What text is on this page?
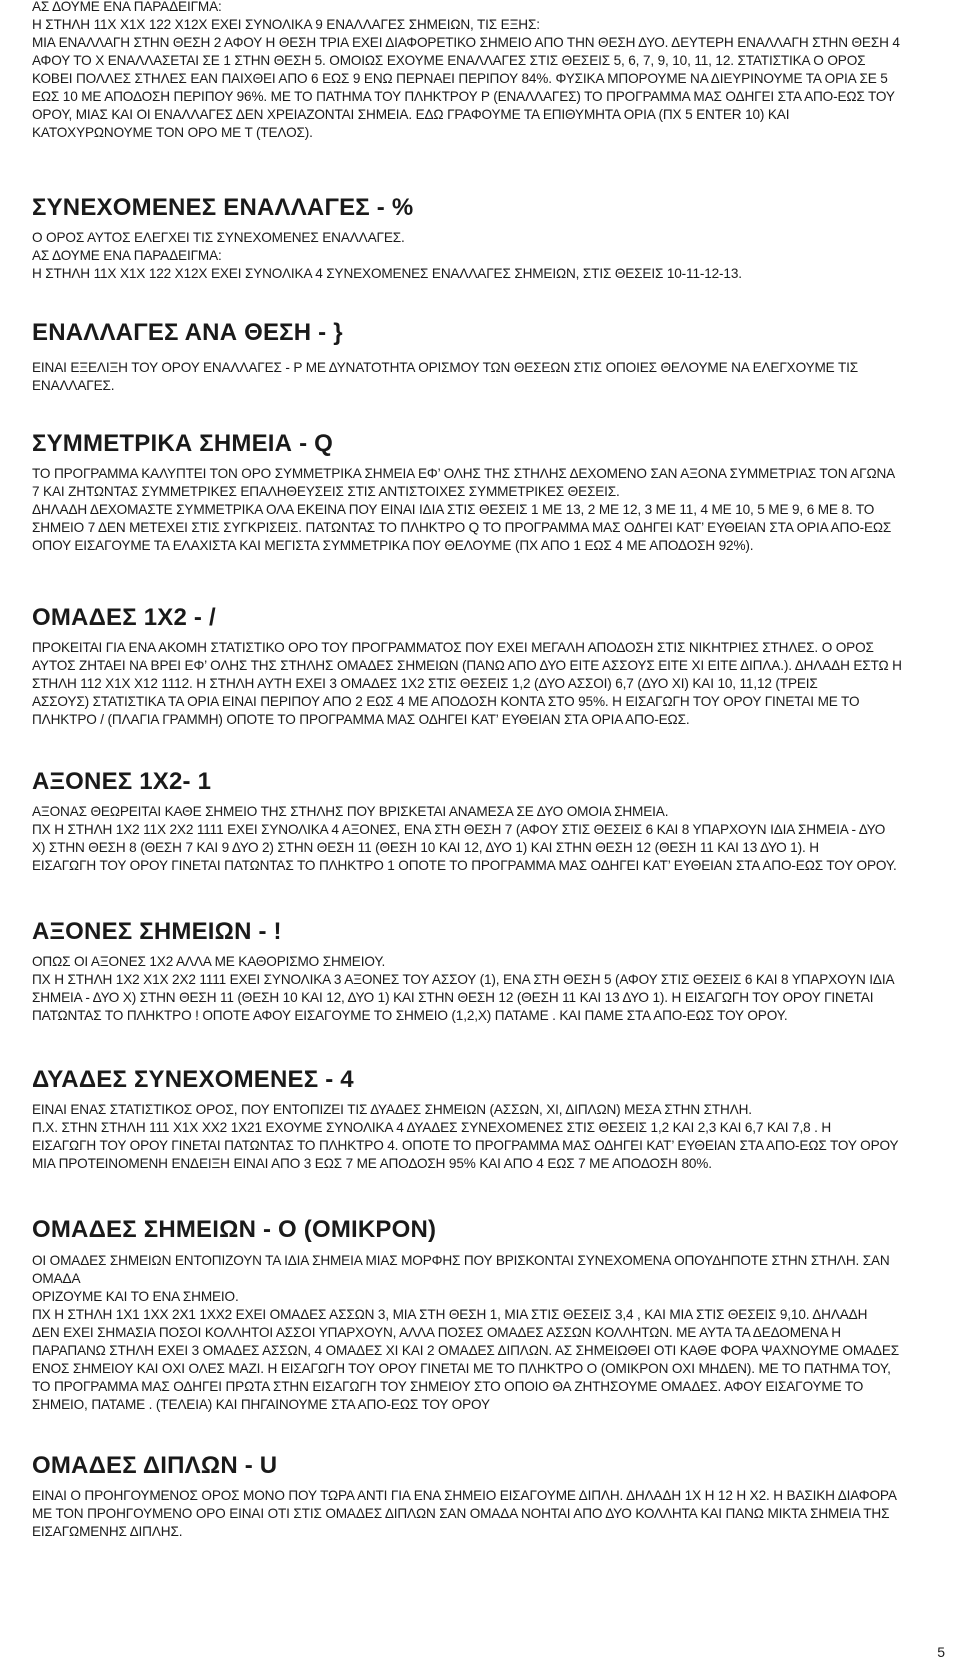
ΑΣ ΔΟΥΜΕ ΕΝΑ ΠΑΡΑΔΕΙΓΜΑ:
Η ΣΤΗΛΗ 11Χ Χ1Χ 122 Χ12Χ ΕΧΕΙ ΣΥΝΟΛΙΚΑ 9 ΕΝΑΛΛΑΓΕΣ ΣΗΜΕΙΩΝ, ΤΙΣ ΕΞΗΣ:
ΜΙΑ ΕΝΑΛΛΑΓΗ ΣΤΗΝ ΘΕΣΗ 2 ΑΦΟΥ Η ΘΕΣΗ ΤΡΙΑ ΕΧΕΙ ΔΙΑΦΟΡΕΤΙΚΟ ΣΗΜΕΙΟ ΑΠΟ ΤΗΝ ΘΕΣΗ ΔΥΟ. ΔΕΥΤΕΡΗ ΕΝΑΛΛΑΓΗ ΣΤΗΝ ΘΕΣΗ 4
ΑΦΟΥ ΤΟ Χ ΕΝΑΛΛΑΣΕΤΑΙ ΣΕ 1 ΣΤΗΝ ΘΕΣΗ 5. ΟΜΟΙΩΣ ΕΧΟΥΜΕ ΕΝΑΛΛΑΓΕΣ ΣΤΙΣ ΘΕΣΕΙΣ 5, 6, 7, 9, 10, 11, 12. ΣΤΑΤΙΣΤΙΚΑ Ο ΟΡΟΣ
ΚΟΒΕΙ ΠΟΛΛΕΣ ΣΤΗΛΕΣ ΕΑΝ ΠΑΙΧΘΕΙ ΑΠΟ 6 ΕΩΣ 9 ΕΝΩ ΠΕΡΝΑΕΙ ΠΕΡΙΠΟΥ 84%. ΦΥΣΙΚΑ ΜΠΟΡΟΥΜΕ ΝΑ ΔΙΕΥΡΙΝΟΥΜΕ ΤΑ ΟΡΙΑ ΣΕ 5
ΕΩΣ 10 ΜΕ ΑΠΟΔΟΣΗ ΠΕΡΙΠΟΥ 96%. ΜΕ ΤΟ ΠΑΤΗΜΑ ΤΟΥ ΠΛΗΚΤΡΟΥ Ρ (ΕΝΑΛΛΑΓΕΣ) ΤΟ ΠΡΟΓΡΑΜΜΑ ΜΑΣ ΟΔΗΓΕΙ ΣΤΑ ΑΠΟ-ΕΩΣ ΤΟΥ
ΟΡΟΥ, ΜΙΑΣ ΚΑΙ ΟΙ ΕΝΑΛΛΑΓΕΣ ΔΕΝ ΧΡΕΙΑΖΟΝΤΑΙ ΣΗΜΕΙΑ. ΕΔΩ ΓΡΑΦΟΥΜΕ ΤΑ ΕΠΙΘΥΜΗΤΑ ΟΡΙΑ (ΠΧ 5 ENTER 10) ΚΑΙ
ΚΑΤΟΧΥΡΩΝΟΥΜΕ ΤΟΝ ΟΡΟ ΜΕ Τ (ΤΕΛΟΣ).

ΣΥΝΕΧΟΜΕΝΕΣ ΕΝΑΛΛΑΓΕΣ - %

Ο ΟΡΟΣ ΑΥΤΟΣ ΕΛΕΓΧΕΙ ΤΙΣ ΣΥΝΕΧΟΜΕΝΕΣ ΕΝΑΛΛΑΓΕΣ.
ΑΣ ΔΟΥΜΕ ΕΝΑ ΠΑΡΑΔΕΙΓΜΑ:
Η ΣΤΗΛΗ 11Χ Χ1Χ 122 Χ12Χ ΕΧΕΙ ΣΥΝΟΛΙΚΑ 4 ΣΥΝΕΧΟΜΕΝΕΣ ΕΝΑΛΛΑΓΕΣ ΣΗΜΕΙΩΝ, ΣΤΙΣ ΘΕΣΕΙΣ 10-11-12-13.

ΕΝΑΛΛΑΓΕΣ ΑΝΑ ΘΕΣΗ - }

ΕΙΝΑΙ ΕΞΕΛΙΞΗ ΤΟΥ ΟΡΟΥ ΕΝΑΛΛΑΓΕΣ - Ρ ΜΕ ΔΥΝΑΤΟΤΗΤΑ ΟΡΙΣΜΟΥ ΤΩΝ ΘΕΣΕΩΝ ΣΤΙΣ ΟΠΟΙΕΣ ΘΕΛΟΥΜΕ ΝΑ ΕΛΕΓΧΟΥΜΕ ΤΙΣ
ΕΝΑΛΛΑΓΕΣ.

ΣΥΜΜΕΤΡΙΚΑ ΣΗΜΕΙΑ - Q

ΤΟ ΠΡΟΓΡΑΜΜΑ ΚΑΛΥΠΤΕΙ ΤΟΝ ΟΡΟ ΣΥΜΜΕΤΡΙΚΑ ΣΗΜΕΙΑ ΕΦ’ ΟΛΗΣ ΤΗΣ ΣΤΗΛΗΣ ΔΕΧΟΜΕΝΟ ΣΑΝ ΑΞΟΝΑ ΣΥΜΜΕΤΡΙΑΣ ΤΟΝ ΑΓΩΝΑ
7 ΚΑΙ ΖΗΤΩΝΤΑΣ ΣΥΜΜΕΤΡΙΚΕΣ ΕΠΑΛΗΘΕΥΣΕΙΣ ΣΤΙΣ ΑΝΤΙΣΤΟΙΧΕΣ ΣΥΜΜΕΤΡΙΚΕΣ ΘΕΣΕΙΣ.
ΔΗΛΑΔΗ ΔΕΧΟΜΑΣΤΕ ΣΥΜΜΕΤΡΙΚΑ ΟΛΑ ΕΚΕΙΝΑ ΠΟΥ ΕΙΝΑΙ ΙΔΙΑ ΣΤΙΣ ΘΕΣΕΙΣ 1 ΜΕ 13, 2 ΜΕ 12, 3 ΜΕ 11, 4 ΜΕ 10, 5 ΜΕ 9, 6 ΜΕ 8. ΤΟ
ΣΗΜΕΙΟ 7 ΔΕΝ ΜΕΤΕΧΕΙ ΣΤΙΣ ΣΥΓΚΡΙΣΕΙΣ. ΠΑΤΩΝΤΑΣ ΤΟ ΠΛΗΚΤΡΟ Q ΤΟ ΠΡΟΓΡΑΜΜΑ ΜΑΣ ΟΔΗΓΕΙ ΚΑΤ’ ΕΥΘΕΙΑΝ ΣΤΑ ΟΡΙΑ ΑΠΟ-ΕΩΣ
ΟΠΟΥ ΕΙΣΑΓΟΥΜΕ ΤΑ ΕΛΑΧΙΣΤΑ ΚΑΙ ΜΕΓΙΣΤΑ ΣΥΜΜΕΤΡΙΚΑ ΠΟΥ ΘΕΛΟΥΜΕ (ΠΧ ΑΠΟ 1 ΕΩΣ 4 ΜΕ ΑΠΟΔΟΣΗ 92%).

ΟΜΑΔΕΣ 1Χ2 - /

ΠΡΟΚΕΙΤΑΙ ΓΙΑ ΕΝΑ ΑΚΟΜΗ ΣΤΑΤΙΣΤΙΚΟ ΟΡΟ ΤΟΥ ΠΡΟΓΡΑΜΜΑΤΟΣ ΠΟΥ ΕΧΕΙ ΜΕΓΑΛΗ ΑΠΟΔΟΣΗ ΣΤΙΣ ΝΙΚΗΤΡΙΕΣ ΣΤΗΛΕΣ. Ο ΟΡΟΣ
ΑΥΤΟΣ ΖΗΤΑΕΙ ΝΑ ΒΡΕΙ ΕΦ’ ΟΛΗΣ ΤΗΣ ΣΤΗΛΗΣ ΟΜΑΔΕΣ ΣΗΜΕΙΩΝ (ΠΑΝΩ ΑΠΟ ΔΥΟ ΕΙΤΕ ΑΣΣΟΥΣ ΕΙΤΕ ΧΙ ΕΙΤΕ ΔΙΠΛΑ.). ΔΗΛΑΔΗ ΕΣΤΩ Η
ΣΤΗΛΗ 112 Χ1Χ Χ12 1112. Η ΣΤΗΛΗ ΑΥΤΗ ΕΧΕΙ 3 ΟΜΑΔΕΣ 1Χ2 ΣΤΙΣ ΘΕΣΕΙΣ 1,2 (ΔΥΟ ΑΣΣΟΙ) 6,7 (ΔΥΟ ΧΙ) ΚΑΙ 10, 11,12 (ΤΡΕΙΣ
ΑΣΣΟΥΣ) ΣΤΑΤΙΣΤΙΚΑ ΤΑ ΟΡΙΑ ΕΙΝΑΙ ΠΕΡΙΠΟΥ ΑΠΟ 2 ΕΩΣ 4 ΜΕ ΑΠΟΔΟΣΗ ΚΟΝΤΑ ΣΤΟ 95%. Η ΕΙΣΑΓΩΓΗ ΤΟΥ ΟΡΟΥ ΓΙΝΕΤΑΙ ΜΕ ΤΟ
ΠΛΗΚΤΡΟ / (ΠΛΑΓΙΑ ΓΡΑΜΜΗ) ΟΠΟΤΕ ΤΟ ΠΡΟΓΡΑΜΜΑ ΜΑΣ ΟΔΗΓΕΙ ΚΑΤ’ ΕΥΘΕΙΑΝ ΣΤΑ ΟΡΙΑ ΑΠΟ-ΕΩΣ.

ΑΞΟΝΕΣ 1Χ2- 1

ΑΞΟΝΑΣ ΘΕΩΡΕΙΤΑΙ ΚΑΘΕ ΣΗΜΕΙΟ ΤΗΣ ΣΤΗΛΗΣ ΠΟΥ ΒΡΙΣΚΕΤΑΙ ΑΝΑΜΕΣΑ ΣΕ ΔΥΟ ΟΜΟΙΑ ΣΗΜΕΙΑ.
ΠΧ Η ΣΤΗΛΗ 1Χ2 11Χ 2Χ2 1111 ΕΧΕΙ ΣΥΝΟΛΙΚΑ 4 ΑΞΟΝΕΣ, ΕΝΑ ΣΤΗ ΘΕΣΗ 7 (ΑΦΟΥ ΣΤΙΣ ΘΕΣΕΙΣ 6 ΚΑΙ 8 ΥΠΑΡΧΟΥΝ ΙΔΙΑ ΣΗΜΕΙΑ - ΔΥΟ
Χ) ΣΤΗΝ ΘΕΣΗ 8 (ΘΕΣΗ 7 ΚΑΙ 9 ΔΥΟ 2) ΣΤΗΝ ΘΕΣΗ 11 (ΘΕΣΗ 10 ΚΑΙ 12, ΔΥΟ 1) ΚΑΙ ΣΤΗΝ ΘΕΣΗ 12 (ΘΕΣΗ 11 ΚΑΙ 13 ΔΥΟ 1). Η
ΕΙΣΑΓΩΓΗ ΤΟΥ ΟΡΟΥ ΓΙΝΕΤΑΙ ΠΑΤΩΝΤΑΣ ΤΟ ΠΛΗΚΤΡΟ 1 ΟΠΟΤΕ ΤΟ ΠΡΟΓΡΑΜΜΑ ΜΑΣ ΟΔΗΓΕΙ ΚΑΤ’ ΕΥΘΕΙΑΝ ΣΤΑ ΑΠΟ-ΕΩΣ ΤΟΥ ΟΡΟΥ.

ΑΞΟΝΕΣ ΣΗΜΕΙΩΝ - !

ΟΠΩΣ ΟΙ ΑΞΟΝΕΣ 1Χ2 ΑΛΛΑ ΜΕ ΚΑΘΟΡΙΣΜΟ ΣΗΜΕΙΟΥ.
ΠΧ Η ΣΤΗΛΗ 1Χ2 Χ1Χ 2Χ2 1111 ΕΧΕΙ ΣΥΝΟΛΙΚΑ 3 ΑΞΟΝΕΣ ΤΟΥ ΑΣΣΟΥ (1), ΕΝΑ ΣΤΗ ΘΕΣΗ 5 (ΑΦΟΥ ΣΤΙΣ ΘΕΣΕΙΣ 6 ΚΑΙ 8 ΥΠΑΡΧΟΥΝ ΙΔΙΑ
ΣΗΜΕΙΑ - ΔΥΟ Χ) ΣΤΗΝ ΘΕΣΗ 11 (ΘΕΣΗ 10 ΚΑΙ 12, ΔΥΟ 1) ΚΑΙ ΣΤΗΝ ΘΕΣΗ 12 (ΘΕΣΗ 11 ΚΑΙ 13 ΔΥΟ 1). Η ΕΙΣΑΓΩΓΗ ΤΟΥ ΟΡΟΥ ΓΙΝΕΤΑΙ
ΠΑΤΩΝΤΑΣ ΤΟ ΠΛΗΚΤΡΟ ! ΟΠΟΤΕ ΑΦΟΥ ΕΙΣΑΓΟΥΜΕ ΤΟ ΣΗΜΕΙΟ (1,2,Χ) ΠΑΤΑΜΕ . ΚΑΙ ΠΑΜΕ ΣΤΑ ΑΠΟ-ΕΩΣ ΤΟΥ ΟΡΟΥ.

ΔΥΑΔΕΣ ΣΥΝΕΧΟΜΕΝΕΣ - 4

ΕΙΝΑΙ ΕΝΑΣ ΣΤΑΤΙΣΤΙΚΟΣ ΟΡΟΣ, ΠΟΥ ΕΝΤΟΠΙΖΕΙ ΤΙΣ ΔΥΑΔΕΣ ΣΗΜΕΙΩΝ (ΑΣΣΩΝ, ΧΙ, ΔΙΠΛΩΝ) ΜΕΣΑ ΣΤΗΝ ΣΤΗΛΗ.
Π.Χ. ΣΤΗΝ ΣΤΗΛΗ 111 Χ1Χ ΧΧ2 1Χ21 ΕΧΟΥΜΕ ΣΥΝΟΛΙΚΑ 4 ΔΥΑΔΕΣ ΣΥΝΕΧΟΜΕΝΕΣ ΣΤΙΣ ΘΕΣΕΙΣ 1,2 ΚΑΙ 2,3 ΚΑΙ 6,7 ΚΑΙ 7,8 . Η
ΕΙΣΑΓΩΓΗ ΤΟΥ ΟΡΟΥ ΓΙΝΕΤΑΙ ΠΑΤΩΝΤΑΣ ΤΟ ΠΛΗΚΤΡΟ 4. ΟΠΟΤΕ ΤΟ ΠΡΟΓΡΑΜΜΑ ΜΑΣ ΟΔΗΓΕΙ ΚΑΤ’ ΕΥΘΕΙΑΝ ΣΤΑ ΑΠΟ-ΕΩΣ ΤΟΥ ΟΡΟΥ
ΜΙΑ ΠΡΟΤΕΙΝΟΜΕΝΗ ΕΝΔΕΙΞΗ ΕΙΝΑΙ ΑΠΟ 3 ΕΩΣ 7 ΜΕ ΑΠΟΔΟΣΗ 95% ΚΑΙ ΑΠΟ 4 ΕΩΣ 7 ΜΕ ΑΠΟΔΟΣΗ 80%.

ΟΜΑΔΕΣ ΣΗΜΕΙΩΝ - Ο (ΟΜΙΚΡΟΝ)

ΟΙ ΟΜΑΔΕΣ ΣΗΜΕΙΩΝ ΕΝΤΟΠΙΖΟΥΝ ΤΑ ΙΔΙΑ ΣΗΜΕΙΑ ΜΙΑΣ ΜΟΡΦΗΣ ΠΟΥ ΒΡΙΣΚΟΝΤΑΙ ΣΥΝΕΧΟΜΕΝΑ ΟΠΟΥΔΗΠΟΤΕ ΣΤΗΝ ΣΤΗΛΗ. ΣΑΝ ΟΜΑΔΑ
ΟΡΙΖΟΥΜΕ ΚΑΙ ΤΟ ΕΝΑ ΣΗΜΕΙΟ.
ΠΧ Η ΣΤΗΛΗ 1Χ1 1ΧΧ 2Χ1 1ΧΧ2 ΕΧΕΙ ΟΜΑΔΕΣ ΑΣΣΩΝ 3, ΜΙΑ ΣΤΗ ΘΕΣΗ 1, ΜΙΑ ΣΤΙΣ ΘΕΣΕΙΣ 3,4 , ΚΑΙ ΜΙΑ ΣΤΙΣ ΘΕΣΕΙΣ 9,10. ΔΗΛΑΔΗ
ΔΕΝ ΕΧΕΙ ΣΗΜΑΣΙΑ ΠΟΣΟΙ ΚΟΛΛΗΤΟΙ ΑΣΣΟΙ ΥΠΑΡΧΟΥΝ, ΑΛΛΑ ΠΟΣΕΣ ΟΜΑΔΕΣ ΑΣΣΩΝ ΚΟΛΛΗΤΩΝ. ΜΕ ΑΥΤΑ ΤΑ ΔΕΔΟΜΕΝΑ Η
ΠΑΡΑΠΑΝΩ ΣΤΗΛΗ ΕΧΕΙ 3 ΟΜΑΔΕΣ ΑΣΣΩΝ, 4 ΟΜΑΔΕΣ ΧΙ ΚΑΙ 2 ΟΜΑΔΕΣ ΔΙΠΛΩΝ. ΑΣ ΣΗΜΕΙΩΘΕΙ ΟΤΙ ΚΑΘΕ ΦΟΡΑ ΨΑΧΝΟΥΜΕ ΟΜΑΔΕΣ
ΕΝΟΣ ΣΗΜΕΙΟΥ ΚΑΙ ΟΧΙ ΟΛΕΣ ΜΑΖΙ. Η ΕΙΣΑΓΩΓΗ ΤΟΥ ΟΡΟΥ ΓΙΝΕΤΑΙ ΜΕ ΤΟ ΠΛΗΚΤΡΟ Ο (ΟΜΙΚΡΟΝ ΟΧΙ ΜΗΔΕΝ). ΜΕ ΤΟ ΠΑΤΗΜΑ ΤΟΥ,
ΤΟ ΠΡΟΓΡΑΜΜΑ ΜΑΣ ΟΔΗΓΕΙ ΠΡΩΤΑ ΣΤΗΝ ΕΙΣΑΓΩΓΗ ΤΟΥ ΣΗΜΕΙΟΥ ΣΤΟ ΟΠΟΙΟ ΘΑ ΖΗΤΗΣΟΥΜΕ ΟΜΑΔΕΣ. ΑΦΟΥ ΕΙΣΑΓΟΥΜΕ ΤΟ
ΣΗΜΕΙΟ, ΠΑΤΑΜΕ . (ΤΕΛΕΙΑ) ΚΑΙ ΠΗΓΑΙΝΟΥΜΕ ΣΤΑ ΑΠΟ-ΕΩΣ ΤΟΥ ΟΡΟΥ

ΟΜΑΔΕΣ ΔΙΠΛΩΝ - U

ΕΙΝΑΙ Ο ΠΡΟΗΓΟΥΜΕΝΟΣ ΟΡΟΣ ΜΟΝΟ ΠΟΥ ΤΩΡΑ ΑΝΤΙ ΓΙΑ ΕΝΑ ΣΗΜΕΙΟ ΕΙΣΑΓΟΥΜΕ ΔΙΠΛΗ. ΔΗΛΑΔΗ 1Χ Η 12 Η Χ2. Η ΒΑΣΙΚΗ ΔΙΑΦΟΡΑ
ΜΕ ΤΟΝ ΠΡΟΗΓΟΥΜΕΝΟ ΟΡΟ ΕΙΝΑΙ ΟΤΙ ΣΤΙΣ ΟΜΑΔΕΣ ΔΙΠΛΩΝ ΣΑΝ ΟΜΑΔΑ ΝΟΗΤΑΙ ΑΠΟ ΔΥΟ ΚΟΛΛΗΤΑ ΚΑΙ ΠΑΝΩ ΜΙΚΤΑ ΣΗΜΕΙΑ ΤΗΣ
ΕΙΣΑΓΩΜΕΝΗΣ ΔΙΠΛΗΣ.

5
